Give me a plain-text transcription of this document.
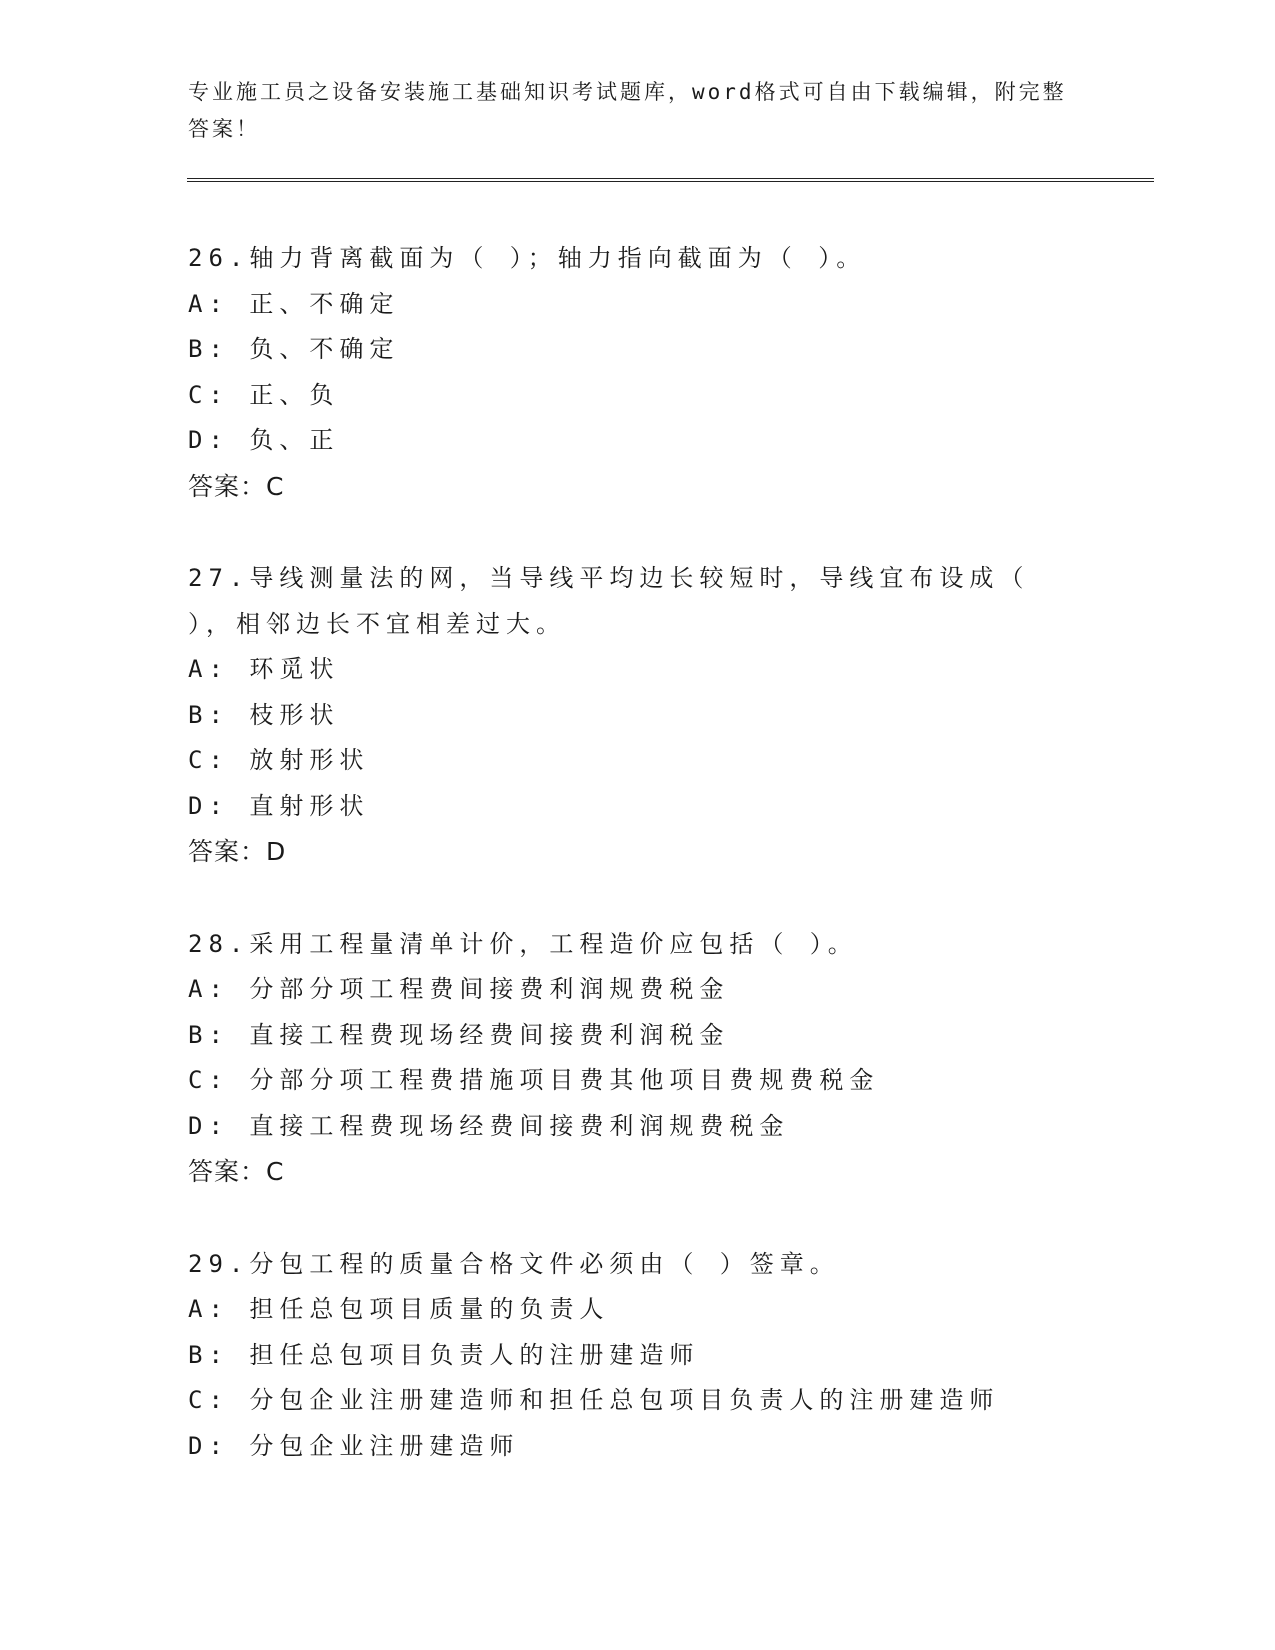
专业施工员之设备安装施工基础知识考试题库，word格式可自由下载编辑，附完整答案！
26.轴力背离截面为（ ）；轴力指向截面为（ ）。
A: 正、不确定
B: 负、不确定
C: 正、负
D: 负、正
答案：C
27.导线测量法的网，当导线平均边长较短时，导线宜布设成（ ），相邻边长不宜相差过大。
A: 环觅状
B: 枝形状
C: 放射形状
D: 直射形状
答案：D
28.采用工程量清单计价，工程造价应包括（ ）。
A: 分部分项工程费间接费利润规费税金
B: 直接工程费现场经费间接费利润税金
C: 分部分项工程费措施项目费其他项目费规费税金
D: 直接工程费现场经费间接费利润规费税金
答案：C
29.分包工程的质量合格文件必须由（ ）签章。
A: 担任总包项目质量的负责人
B: 担任总包项目负责人的注册建造师
C: 分包企业注册建造师和担任总包项目负责人的注册建造师
D: 分包企业注册建造师
